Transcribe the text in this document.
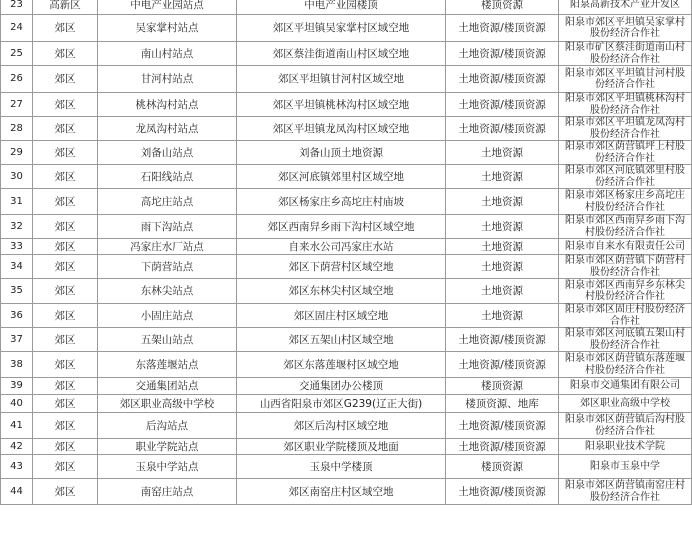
23	高新区	中电产业园站点	中电产业园楼顶	楼顶资源	阳泉高新技术产业开发区
24	郊区	吴家掌村站点	郊区平坦镇吴家掌村区域空地	土地资源/楼顶资源	阳泉市郊区平坦镇吴家掌村股份经济合作社
25	郊区	南山村站点	郊区蔡洼街道南山村区域空地	土地资源/楼顶资源	阳泉市矿区蔡洼街道南山村股份经济合作社
26	郊区	甘河村站点	郊区平坦镇甘河村区域空地	土地资源/楼顶资源	阳泉市郊区平坦镇甘河村股份经济合作社
27	郊区	桃林沟村站点	郊区平坦镇桃林沟村区域空地	土地资源/楼顶资源	阳泉市郊区平坦镇桃林沟村股份经济合作社
28	郊区	龙凤沟村站点	郊区平坦镇龙凤沟村区域空地	土地资源/楼顶资源	阳泉市郊区平坦镇龙凤沟村股份经济合作社
29	郊区	刘备山站点	刘备山顶土地资源	土地资源	阳泉市郊区荫营镇坪上村股份经济合作社
30	郊区	石阳线站点	郊区河底镇郊里村区域空地	土地资源	阳泉市郊区河底镇郊里村股份经济合作社
31	郊区	高坨庄站点	郊区杨家庄乡高坨庄村庙坡	土地资源	阳泉市郊区杨家庄乡高坨庄村股份经济合作社
32	郊区	雨下沟站点	郊区西南舁乡雨下沟村区域空地	土地资源	阳泉市郊区西南舁乡雨下沟村股份经济合作社
33	郊区	冯家庄水厂站点	自来水公司冯家庄水站	土地资源	阳泉市自来水有限责任公司
34	郊区	下荫营站点	郊区下荫营村区域空地	土地资源	阳泉市郊区荫营镇下荫营村股份经济合作社
35	郊区	东林尖站点	郊区东林尖村区域空地	土地资源	阳泉市郊区西南舁乡东林尖村股份经济合作社
36	郊区	小固庄站点	郊区固庄村区域空地	土地资源	阳泉市郊区固庄村股份经济合作社
37	郊区	五架山站点	郊区五架山村区域空地	土地资源/楼顶资源	阳泉市郊区河底镇五架山村股份经济合作社
38	郊区	东落莲堰站点	郊区东落莲堰村区域空地	土地资源/楼顶资源	阳泉市郊区荫营镇东落莲堰村股份经济合作社
39	郊区	交通集团站点	交通集团办公楼顶	楼顶资源	阳泉市交通集团有限公司
40	郊区	郊区职业高级中学校	山西省阳泉市郊区G239(辽正大街)	楼顶资源、地库	郊区职业高级中学校
41	郊区	后沟站点	郊区后沟村区域空地	土地资源/楼顶资源	阳泉市郊区荫营镇后沟村股份经济合作社
42	郊区	职业学院站点	郊区职业学院楼顶及地面	土地资源/楼顶资源	阳泉职业技术学院
43	郊区	玉泉中学站点	玉泉中学楼顶	楼顶资源	阳泉市玉泉中学
44	郊区	南窑庄站点	郊区南窑庄村区域空地	土地资源/楼顶资源	阳泉市郊区荫营镇南窑庄村股份经济合作社
